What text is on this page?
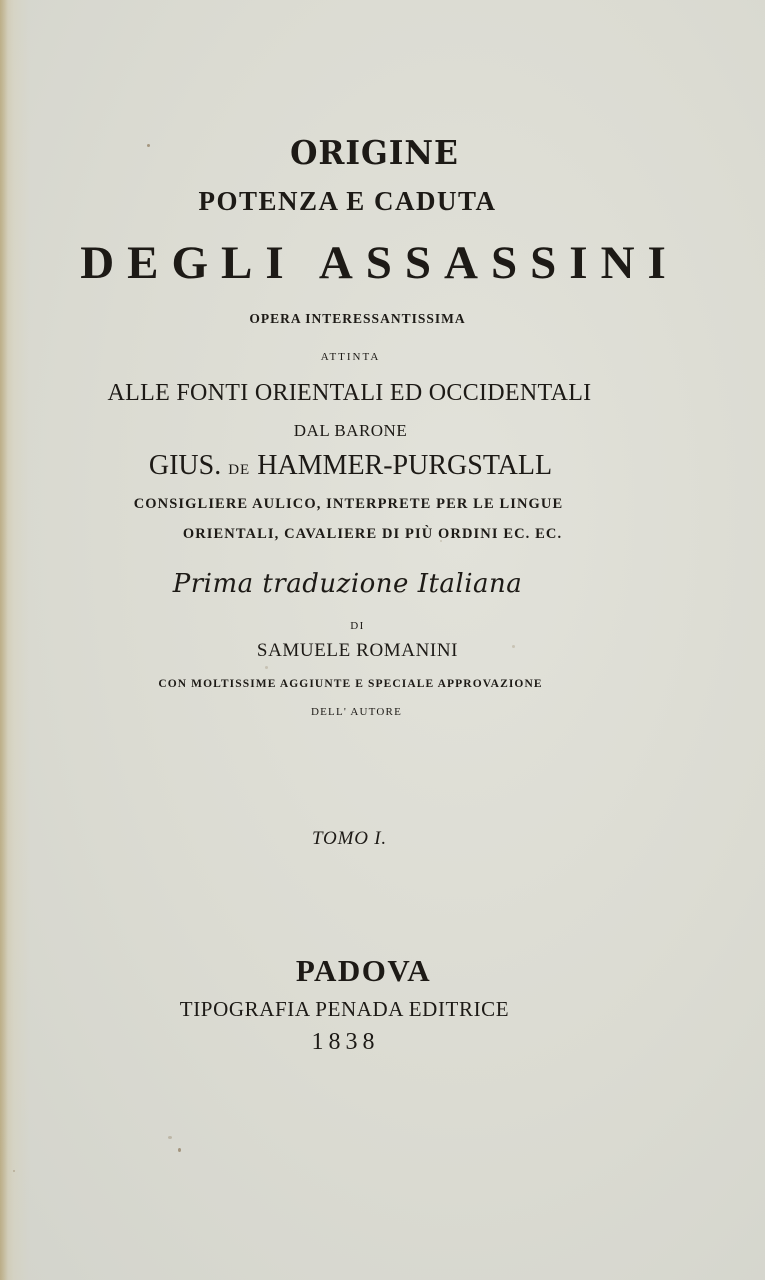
ORIGINE
POTENZA E CADUTA
DEGLI ASSASSINI
OPERA INTERESSANTISSIMA
ATTINTA
ALLE FONTI ORIENTALI ED OCCIDENTALI
DAL BARONE
GIUS. DE HAMMER-PURGSTALL
CONSIGLIERE AULICO, INTERPRETE PER LE LINGUE
ORIENTALI, CAVALIERE DI PIÙ ORDINI EC. EC.
Prima traduzione Italiana
DI
SAMUELE ROMANINI
CON MOLTISSIME AGGIUNTE E SPECIALE APPROVAZIONE
DELL' AUTORE
TOMO I.
PADOVA
TIPOGRAFIA PENADA EDITRICE
1838
